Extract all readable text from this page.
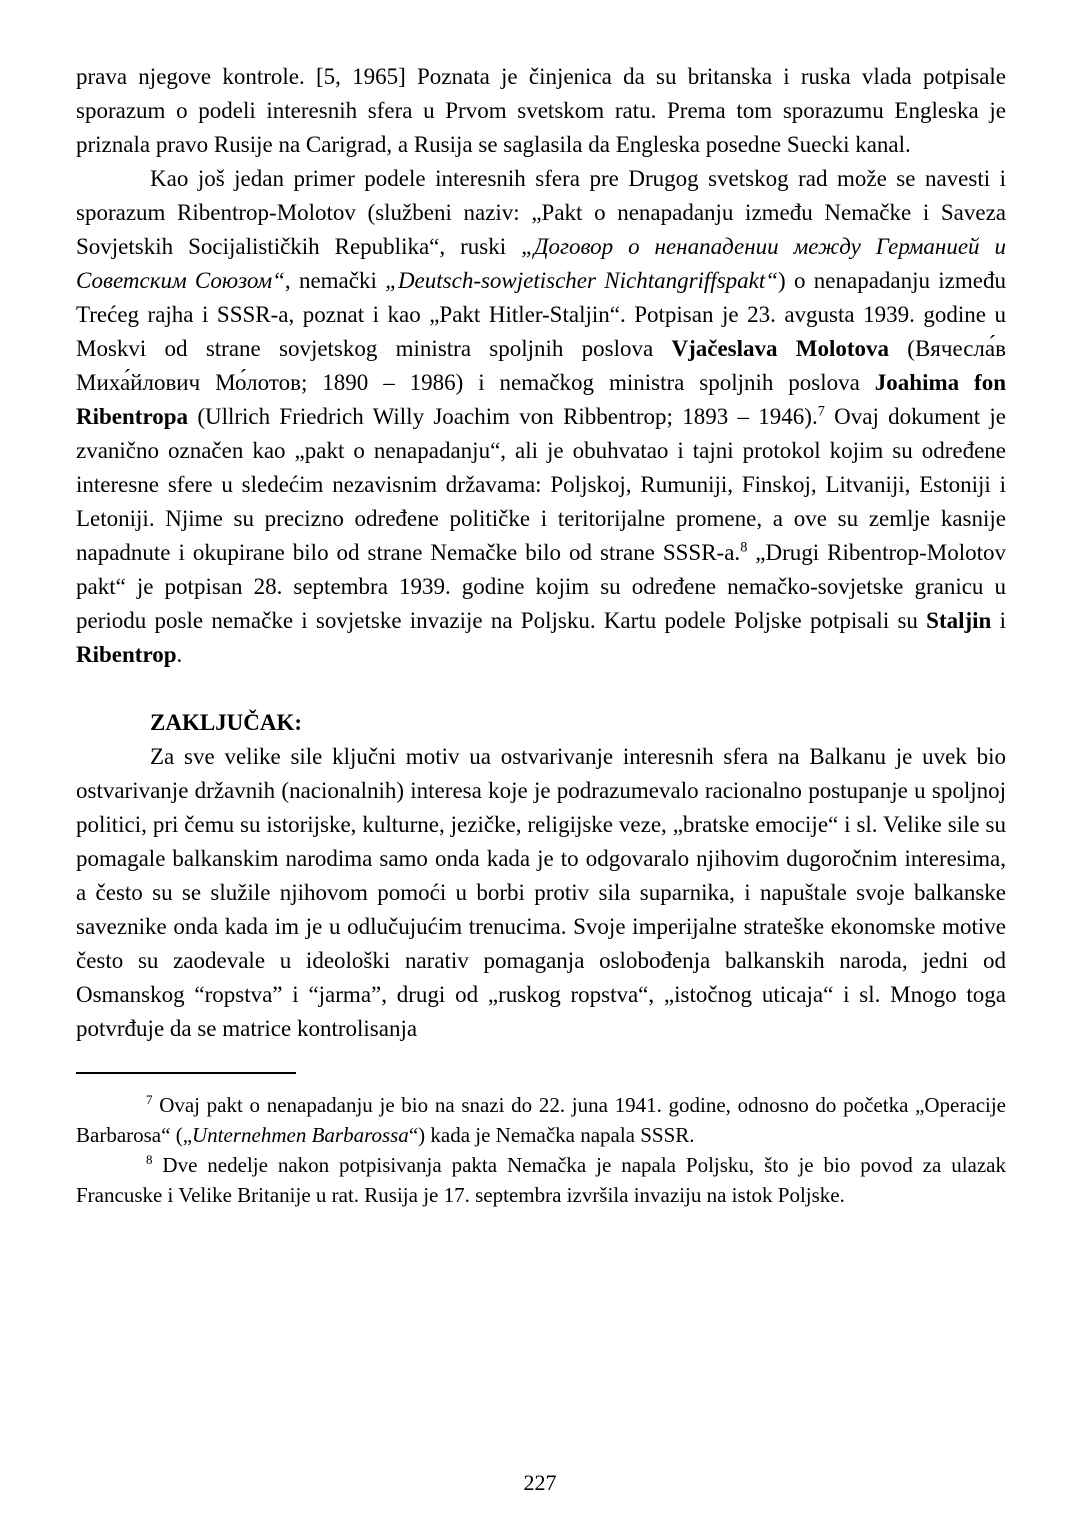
prava njegove kontrole. [5, 1965] Poznata je činjenica da su britanska i ruska vlada potpisale sporazum o podeli interesnih sfera u Prvom svetskom ratu. Prema tom sporazumu Engleska je priznala pravo Rusije na Carigrad, a Rusija se saglasila da Engleska posedne Suecki kanal.

Kao još jedan primer podele interesnih sfera pre Drugog svetskog rad može se navesti i sporazum Ribentrop-Molotov (službeni naziv: „Pakt o nenapadanju između Nemačke i Saveza Sovjetskih Socijalističkih Republika“, ruski „Договор о ненападении между Германией и Советским Союзом“, nemački „Deutsch-sowjetischer Nichtangriffspakt“) o nenapadanju između Trećeg rajha i SSSR-a, poznat i kao „Pakt Hitler-Staljin“. Potpisan je 23. avgusta 1939. godine u Moskvi od strane sovjetskog ministra spoljnih poslova Vjačeslava Molotova (Вячесла́в Миха́йлович Мо́лотов; 1890 – 1986) i nemačkog ministra spoljnih poslova Joahima fon Ribentropa (Ullrich Friedrich Willy Joachim von Ribbentrop; 1893 – 1946).$^7$ Ovaj dokument je zvanično označen kao „pakt o nenapadanju“, ali je obuhvatao i tajni protokol kojim su određene interesne sfere u sledećim nezavisnim državama: Poljskoj, Rumuniji, Finskoj, Litvaniji, Estoniji i Letoniji. Njime su precizno određene političke i teritorijalne promene, a ove su zemlje kasnije napadnute i okupirane bilo od strane Nemačke bilo od strane SSSR-a.$^8$ „Drugi Ribentrop-Molotov pakt“ je potpisan 28. septembra 1939. godine kojim su određene nemačko-sovjetske granicu u periodu posle nemačke i sovjetske invazije na Poljsku. Kartu podele Poljske potpisali su Staljin i Ribentrop.

ZAKLJUČAK:

Za sve velike sile ključni motiv ua ostvarivanje interesnih sfera na Balkanu je uvek bio ostvarivanje državnih (nacionalnih) interesa koje je podrazumevalo racionalno postupanje u spoljnoj politici, pri čemu su istorijske, kulturne, jezičke, religijske veze, „bratske emocije“ i sl. Velike sile su pomagale balkanskim narodima samo onda kada je to odgovaralo njihovim dugoročnim interesima, a često su se služile njihovom pomoći u borbi protiv sila suparnika, i napuštale svoje balkanske saveznike onda kada im je u odlučujućim trenucima. Svoje imperijalne strateške ekonomske motive često su zaodevale u ideološki narativ pomaganja oslobođenja balkanskih naroda, jedni od Osmanskog “ropstva” i “jarma”, drugi od „ruskog ropstva“, „istočnog uticaja“ i sl. Mnogo toga potvrđuje da se matrice kontrolisanja

$^7$ Ovaj pakt o nenapadanju je bio na snazi do 22. juna 1941. godine, odnosno do početka „Operacije Barbarosa“ („Unternehmen Barbarossa“) kada je Nemačka napala SSSR.

$^8$ Dve nedelje nakon potpisivanja pakta Nemačka je napala Poljsku, što je bio povod za ulazak Francuske i Velike Britanije u rat. Rusija je 17. septembra izvršila invaziju na istok Poljske.

227
